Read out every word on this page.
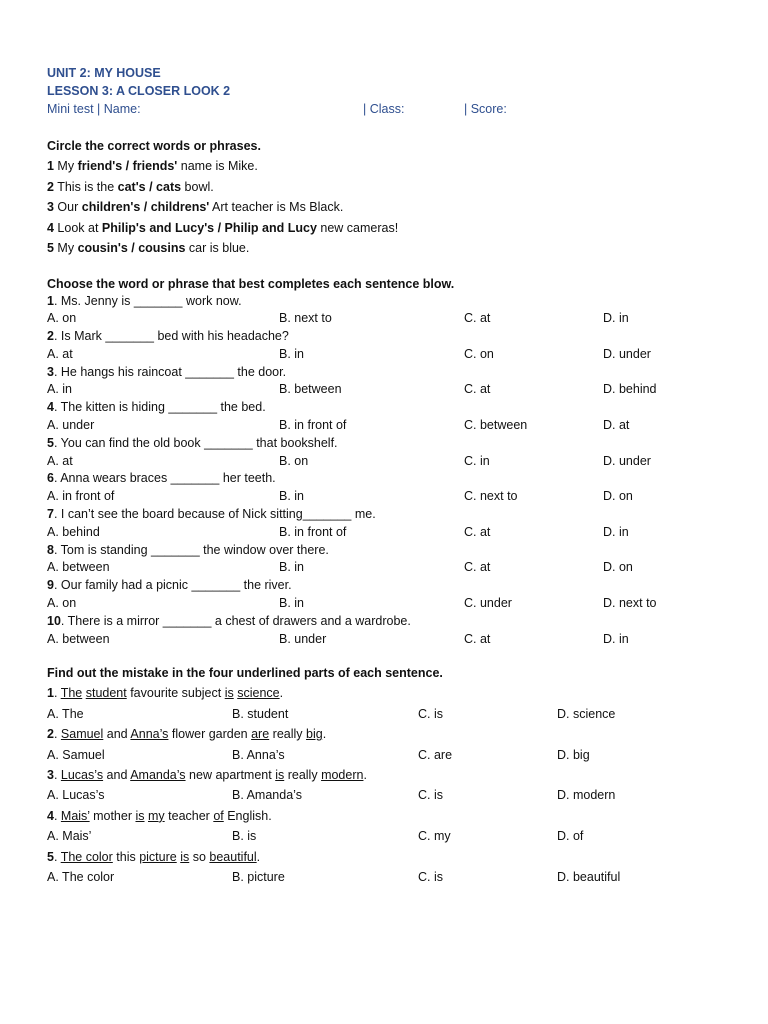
UNIT 2: MY HOUSE
LESSON 3: A CLOSER LOOK 2
Mini test | Name:	| Class:	| Score:
Circle the correct words or phrases.
1 My friend's / friends' name is Mike.
2 This is the cat's / cats bowl.
3 Our children's / childrens' Art teacher is Ms Black.
4 Look at Philip's and Lucy's / Philip and Lucy new cameras!
5 My cousin's / cousins car is blue.
Choose the word or phrase that best completes each sentence blow.
1. Ms. Jenny is _______ work now.
A. on	B. next to	C. at	D. in
2. Is Mark _______ bed with his headache?
A. at	B. in	C. on	D. under
3. He hangs his raincoat _______ the door.
A. in	B. between	C. at	D. behind
4. The kitten is hiding _______ the bed.
A. under	B. in front of	C. between	D. at
5. You can find the old book _______ that bookshelf.
A. at	B. on	C. in	D. under
6. Anna wears braces _______ her teeth.
A. in front of	B. in	C. next to	D. on
7. I can’t see the board because of Nick sitting_______ me.
A. behind	B. in front of	C. at	D. in
8. Tom is standing _______ the window over there.
A. between	B. in	C. at	D. on
9. Our family had a picnic _______ the river.
A. on	B. in	C. under	D. next to
10. There is a mirror _______ a chest of drawers and a wardrobe.
A. between	B. under	C. at	D. in
Find out the mistake in the four underlined parts of each sentence.
1. The student favourite subject is science.
A. The	B. student	C. is	D. science
2. Samuel and Anna’s flower garden are really big.
A. Samuel	B. Anna’s	C. are	D. big
3. Lucas’s and Amanda’s new apartment is really modern.
A. Lucas’s	B. Amanda’s	C. is	D. modern
4. Mais’ mother is my teacher of English.
A. Mais’	B. is	C. my	D. of
5. The color this picture is so beautiful.
A. The color	B. picture	C. is	D. beautiful
